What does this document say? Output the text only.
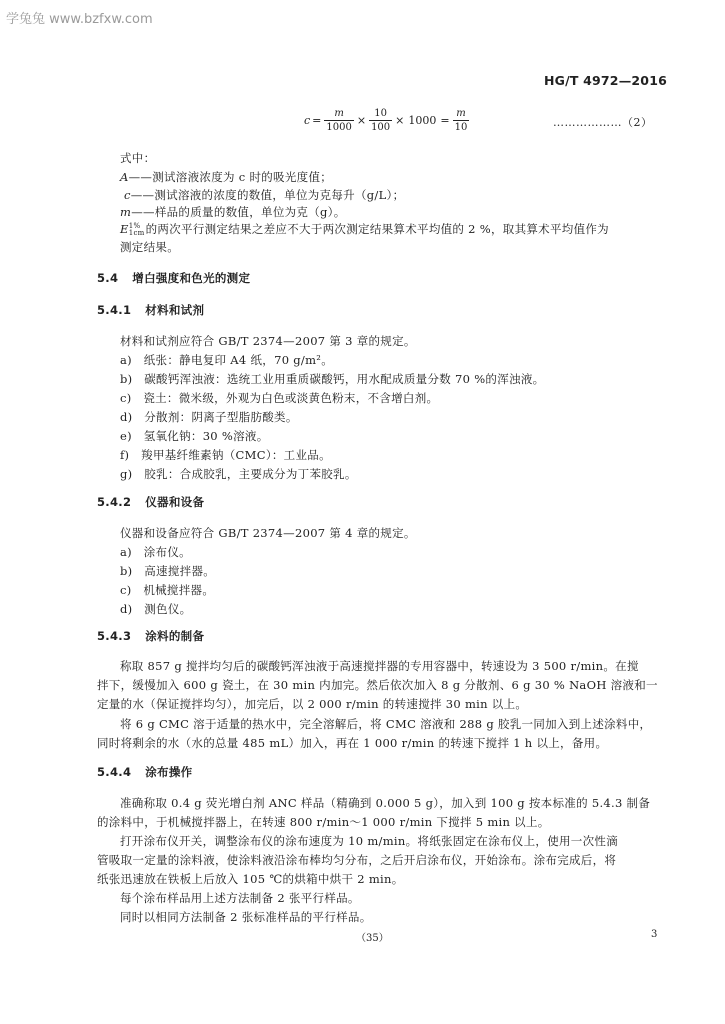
学兔兔 www.bzfxw.com
HG/T 4972—2016
$c = \frac{m}{1000} \times \frac{10}{100} \times 1000 = \frac{m}{10}$	………………（2）
式中：
A——测试溶液浓度为 c 时的吸光度值；
c——测试溶液的浓度的数值，单位为克每升（g/L）；
m——样品的质量的数值，单位为克（g）。
E 1%
1cm 的两次平行测定结果之差应不大于两次测定结果算术平均值的 2 %，取其算术平均值作为
测定结果。
5.4 增白强度和色光的测定
5.4.1 材料和试剂
材料和试剂应符合 GB/T 2374—2007 第 3 章的规定。
a)　纸张：静电复印 A4 纸，70 g/m²。
b)　碳酸钙浑浊液：选统工业用重质碳酸钙，用水配成质量分数 70 %的浑浊液。
c)　瓷土：微米级，外观为白色或淡黄色粉末，不含增白剂。
d)　分散剂：阴离子型脂肪酸类。
e)　氢氧化钠：30 %溶液。
f)　羧甲基纤维素钠（CMC）：工业品。
g)　胶乳：合成胶乳，主要成分为丁苯胶乳。
5.4.2 仪器和设备
仪器和设备应符合 GB/T 2374—2007 第 4 章的规定。
a)　涂布仪。
b)　高速搅拌器。
c)　机械搅拌器。
d)　测色仪。
5.4.3 涂料的制备
称取 857 g 搅拌均匀后的碳酸钙浑浊液于高速搅拌器的专用容器中，转速设为 3 500 r/min。在搅
拌下，缓慢加入 600 g 瓷土，在 30 min 内加完。然后依次加入 8 g 分散剂、6 g 30 % NaOH 溶液和一
定量的水（保证搅拌均匀），加完后，以 2 000 r/min 的转速搅拌 30 min 以上。
将 6 g CMC 溶于适量的热水中，完全溶解后，将 CMC 溶液和 288 g 胶乳一同加入到上述涂料中，
同时将剩余的水（水的总量 485 mL）加入，再在 1 000 r/min 的转速下搅拌 1 h 以上，备用。
5.4.4 涂布操作
准确称取 0.4 g 荧光增白剂 ANC 样品（精确到 0.000 5 g），加入到 100 g 按本标准的 5.4.3 制备
的涂料中，于机械搅拌器上，在转速 800 r/min～1 000 r/min 下搅拌 5 min 以上。
打开涂布仪开关，调整涂布仪的涂布速度为 10 m/min。将纸张固定在涂布仪上，使用一次性滴
管吸取一定量的涂料液，使涂料液沿涂布棒均匀分布，之后开启涂布仪，开始涂布。涂布完成后，将
纸张迅速放在铁板上后放入 105 ℃的烘箱中烘干 2 min。
每个涂布样品用上述方法制备 2 张平行样品。
同时以相同方法制备 2 张标准样品的平行样品。
（35）	3
